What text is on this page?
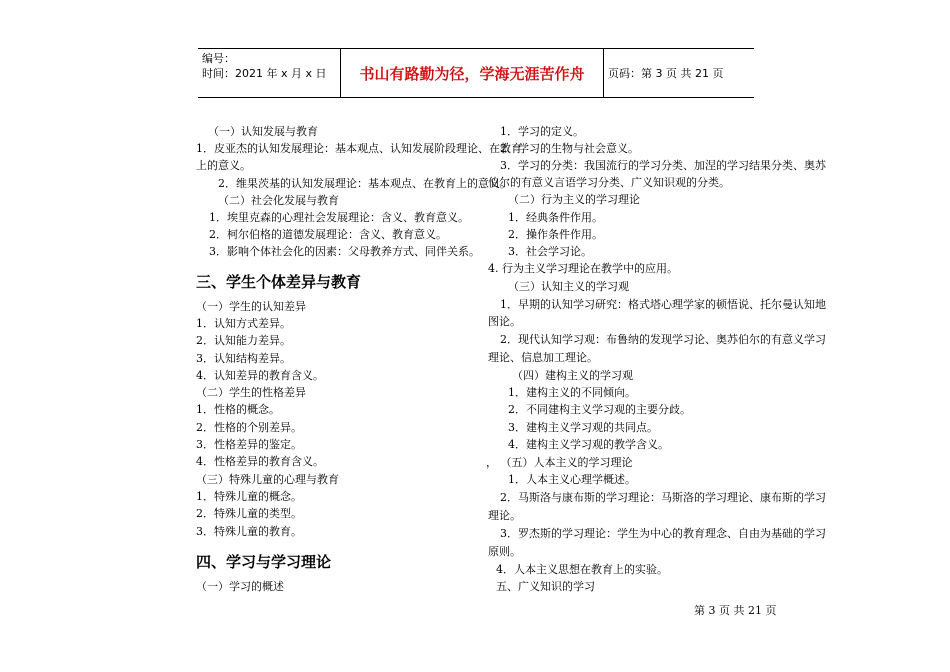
编号：
时间：2021 年 x 月 x 日	书山有路勤为径，学海无涯苦作舟	页码：第 3 页 共 21 页
（一）认知发展与教育
1．皮亚杰的认知发展理论：基本观点、认知发展阶段理论、在教育
上的意义。
2．维果茨基的认知发展理论：基本观点、在教育上的意义。
（二）社会化发展与教育
1．埃里克森的心理社会发展理论：含义、教育意义。
2．柯尔伯格的道德发展理论：含义、教育意义。
3．影响个体社会化的因素：父母教养方式、同伴关系。
三、学生个体差异与教育
（一）学生的认知差异
1．认知方式差异。
2．认知能力差异。
3．认知结构差异。
4．认知差异的教育含义。
（二）学生的性格差异
1．性格的概念。
2．性格的个别差异。
3．性格差异的鉴定。
4．性格差异的教育含义。
（三）特殊儿童的心理与教育
1．特殊儿童的概念。
2．特殊儿童的类型。
3．特殊儿童的教育。
四、学习与学习理论
（一）学习的概述
1．学习的定义。
2．学习的生物与社会意义。
3．学习的分类：我国流行的学习分类、加涅的学习结果分类、奥苏
伯尔的有意义言语学习分类、广义知识观的分类。
（二）行为主义的学习理论
1．经典条件作用。
2．操作条件作用。
3．社会学习论。
4. 行为主义学习理论在教学中的应用。
（三）认知主义的学习观
1．早期的认知学习研究：格式塔心理学家的顿悟说、托尔曼认知地
图论。
2．现代认知学习观：布鲁纳的发现学习论、奥苏伯尔的有意义学习
理论、信息加工理论。
（四）建构主义的学习观
1．建构主义的不同倾向。
2．不同建构主义学习观的主要分歧。
3．建构主义学习观的共同点。
4．建构主义学习观的教学含义。
， （五）人本主义的学习理论
1．人本主义心理学概述。
2．马斯洛与康布斯的学习理论：马斯洛的学习理论、康布斯的学习
理论。
3．罗杰斯的学习理论：学生为中心的教育理念、自由为基础的学习
原则。
4．人本主义思想在教育上的实验。
五、广义知识的学习
第 3 页 共 21 页
